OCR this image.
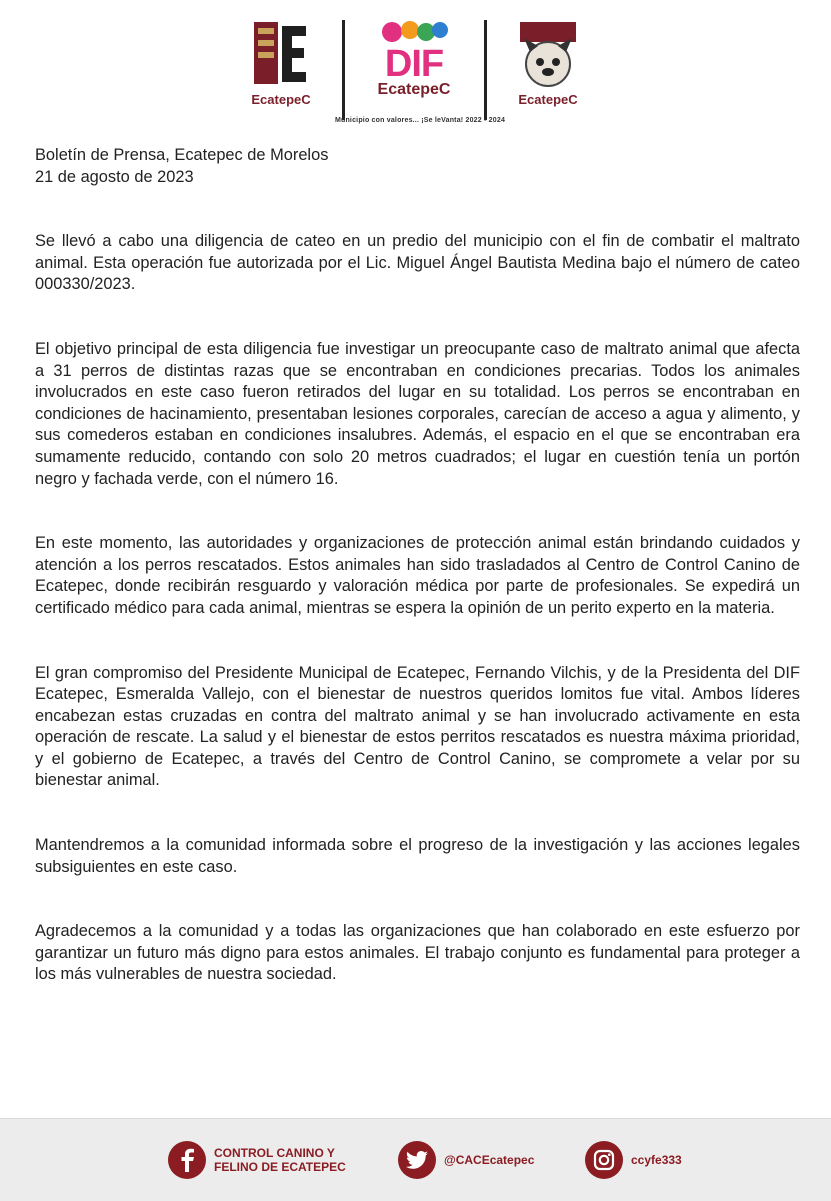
EcatepeC
DIF
EcatepeC
EcatepeC
Municipio con valores... ¡Se leVanta! 2022 - 2024

Boletín de Prensa, Ecatepec de Morelos

21 de agosto de 2023

Se llevó a cabo una diligencia de cateo en un predio del municipio con el fin de combatir el maltrato animal. Esta operación fue autorizada por el Lic. Miguel Ángel Bautista Medina bajo el número de cateo 000330/2023.

El objetivo principal de esta diligencia fue investigar un preocupante caso de maltrato animal que afecta a 31 perros de distintas razas que se encontraban en condiciones precarias. Todos los animales involucrados en este caso fueron retirados del lugar en su totalidad. Los perros se encontraban en condiciones de hacinamiento, presentaban lesiones corporales, carecían de acceso a agua y alimento, y sus comederos estaban en condiciones insalubres. Además, el espacio en el que se encontraban era sumamente reducido, contando con solo 20 metros cuadrados; el lugar en cuestión tenía un portón negro y fachada verde, con el número 16.

En este momento, las autoridades y organizaciones de protección animal están brindando cuidados y atención a los perros rescatados. Estos animales han sido trasladados al Centro de Control Canino de Ecatepec, donde recibirán resguardo y valoración médica por parte de profesionales. Se expedirá un certificado médico para cada animal, mientras se espera la opinión de un perito experto en la materia.

El gran compromiso del Presidente Municipal de Ecatepec, Fernando Vilchis, y de la Presidenta del DIF Ecatepec, Esmeralda Vallejo, con el bienestar de nuestros queridos lomitos fue vital. Ambos líderes encabezan estas cruzadas en contra del maltrato animal y se han involucrado activamente en esta operación de rescate. La salud y el bienestar de estos perritos rescatados es nuestra máxima prioridad, y el gobierno de Ecatepec, a través del Centro de Control Canino, se compromete a velar por su bienestar animal.

Mantendremos a la comunidad informada sobre el progreso de la investigación y las acciones legales subsiguientes en este caso.

Agradecemos a la comunidad y a todas las organizaciones que han colaborado en este esfuerzo por garantizar un futuro más digno para estos animales. El trabajo conjunto es fundamental para proteger a los más vulnerables de nuestra sociedad.

CONTROL CANINO Y
FELINO DE ECATEPEC	@CACEcatepec	ccyfe333
